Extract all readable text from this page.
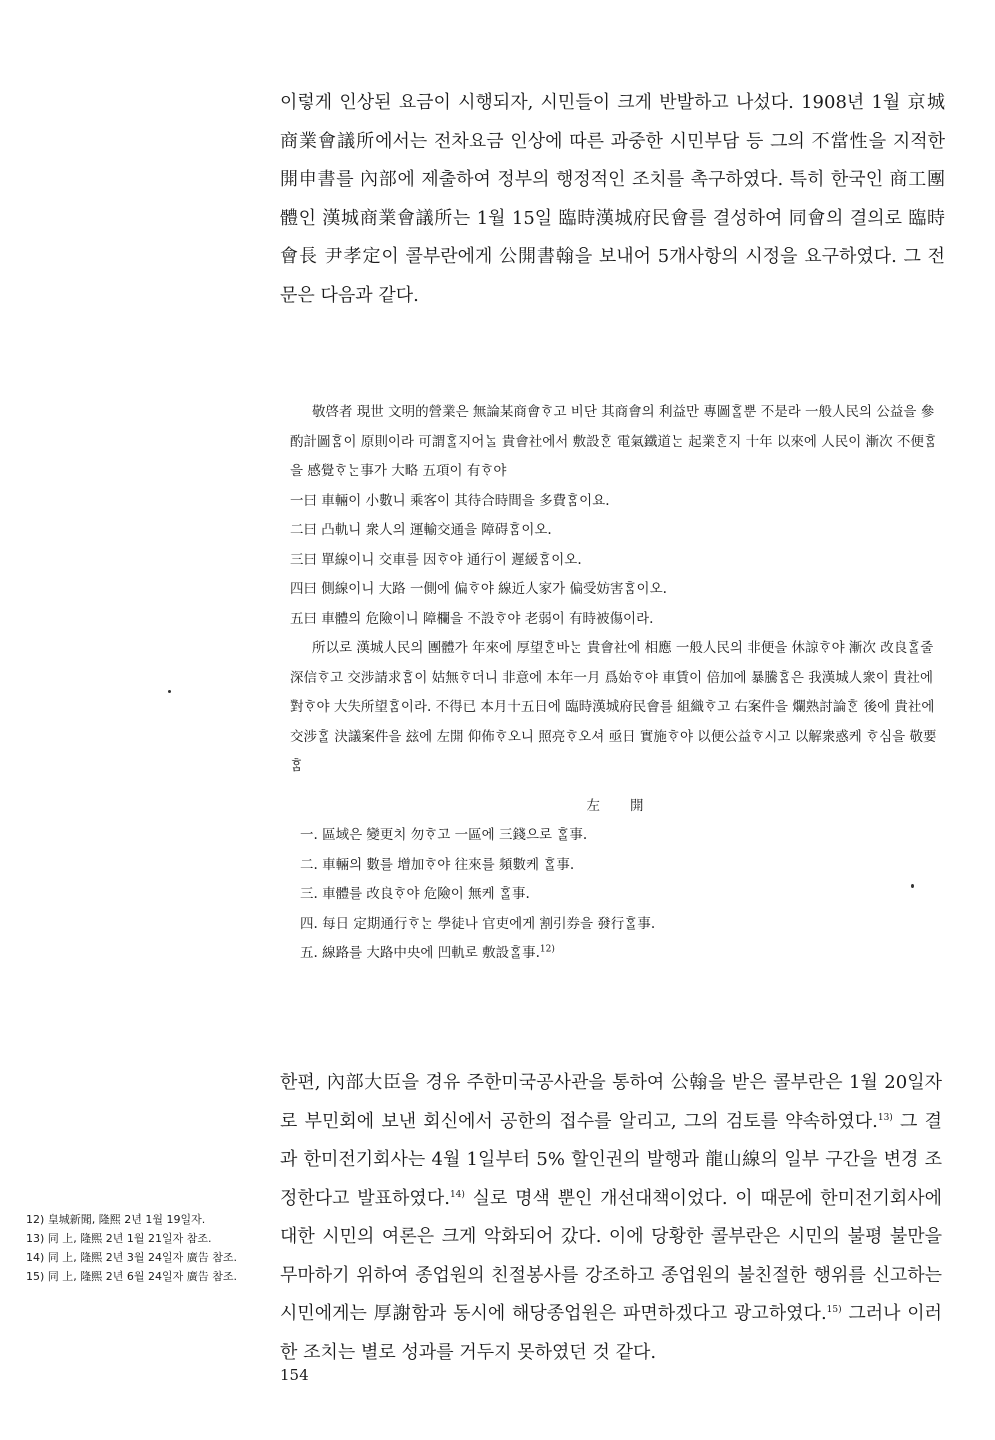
이렇게 인상된 요금이 시행되자, 시민들이 크게 반발하고 나섰다. 1908년 1월 京城商業會議所에서는 전차요금 인상에 따른 과중한 시민부담 등 그의 不當性을 지적한 開申書를 內部에 제출하여 정부의 행정적인 조치를 촉구하였다. 특히 한국인 商工團體인 漢城商業會議所는 1월 15일 臨時漢城府民會를 결성하여 同會의 결의로 臨時會長 尹孝定이 콜부란에게 公開書翰을 보내어 5개사항의 시정을 요구하였다. 그 전문은 다음과 같다.

敬啓者 現世 文明的營業은 無論某商會ᄒᆞ고 비단 其商會의 利益만 專圖ᄒᆞᆯ뿐 不是라 一般人民의 公益을 參酌計圖ᄒᆞᆷ이 原則이라 可謂ᄒᆞᆯ지어ᄂᆞᆯ 貴會社에서 敷設ᄒᆞᆫ 電氣鐵道ᄂᆞᆫ 起業ᄒᆞᆫ지 十年 以來에 人民이 漸次 不便ᄒᆞᆷ을 感覺ᄒᆞᄂᆞᆫ事가 大略 五項이 有ᄒᆞ야

一曰 車輛이 小數니 乘客이 其待合時間을 多費ᄒᆞᆷ이요.

二曰 凸軌니 衆人의 運輸交通을 障碍ᄒᆞᆷ이오.

三曰 單線이니 交車를 因ᄒᆞ야 通行이 遲緩ᄒᆞᆷ이오.

四曰 側線이니 大路 一側에 偏ᄒᆞ야 線近人家가 偏受妨害ᄒᆞᆷ이오.

五曰 車體의 危險이니 障欄을 不設ᄒᆞ야 老弱이 有時被傷이라.

所以로 漢城人民의 團體가 年來에 厚望ᄒᆞᆫ바ᄂᆞᆫ 貴會社에 相應 一般人民의 非便을 休諒ᄒᆞ야 漸次 改良ᄒᆞᆯ줄 深信ᄒᆞ고 交涉請求ᄒᆞᆷ이 姑無ᄒᆞ더니 非意에 本年一月 爲始ᄒᆞ야 車賃이 倍加에 暴騰ᄒᆞᆷ은 我漢城人衆이 貴社에 對ᄒᆞ야 大失所望ᄒᆞᆷ이라. 不得已 本月十五日에 臨時漢城府民會를 組織ᄒᆞ고 右案件을 爛熟討論ᄒᆞᆫ 後에 貴社에 交涉ᄒᆞᆯ 決議案件을 玆에 左開 仰佈ᄒᆞ오니 照亮ᄒᆞ오셔 亟日 實施ᄒᆞ야 以便公益ᄒᆞ시고 以解衆惑케 ᄒᆞ심을 敬要ᄒᆞᆷ

左開

一. 區域은 變更치 勿ᄒᆞ고 一區에 三錢으로 ᄒᆞᆯ事.

二. 車輛의 數를 增加ᄒᆞ야 往來를 頻數케 ᄒᆞᆯ事.

三. 車體를 改良ᄒᆞ야 危險이 無케 ᄒᆞᆯ事.

四. 每日 定期通行ᄒᆞᄂᆞᆫ 學徒나 官吏에게 割引券을 發行ᄒᆞᆯ事.

五. 線路를 大路中央에 凹軌로 敷設ᄒᆞᆯ事.$^{12)}$

한편, 內部大臣을 경유 주한미국공사관을 통하여 公翰을 받은 콜부란은 1월 20일자로 부민회에 보낸 회신에서 공한의 접수를 알리고, 그의 검토를 약속하였다.$^{13)}$ 그 결과 한미전기회사는 4월 1일부터 5% 할인권의 발행과 龍山線의 일부 구간을 변경 조정한다고 발표하였다.$^{14)}$ 실로 명색 뿐인 개선대책이었다. 이 때문에 한미전기회사에 대한 시민의 여론은 크게 악화되어 갔다. 이에 당황한 콜부란은 시민의 불평 불만을 무마하기 위하여 종업원의 친절봉사를 강조하고 종업원의 불친절한 행위를 신고하는 시민에게는 厚謝함과 동시에 해당종업원은 파면하겠다고 광고하였다.$^{15)}$ 그러나 이러한 조치는 별로 성과를 거두지 못하였던 것 같다.

12) 皇城新聞, 隆熙 2년 1월 19일자.

13) 同 上, 隆熙 2년 1월 21일자 참조.

14) 同 上, 隆熙 2년 3월 24일자 廣告 참조.

15) 同 上, 隆熙 2년 6월 24일자 廣告 참조.

154
